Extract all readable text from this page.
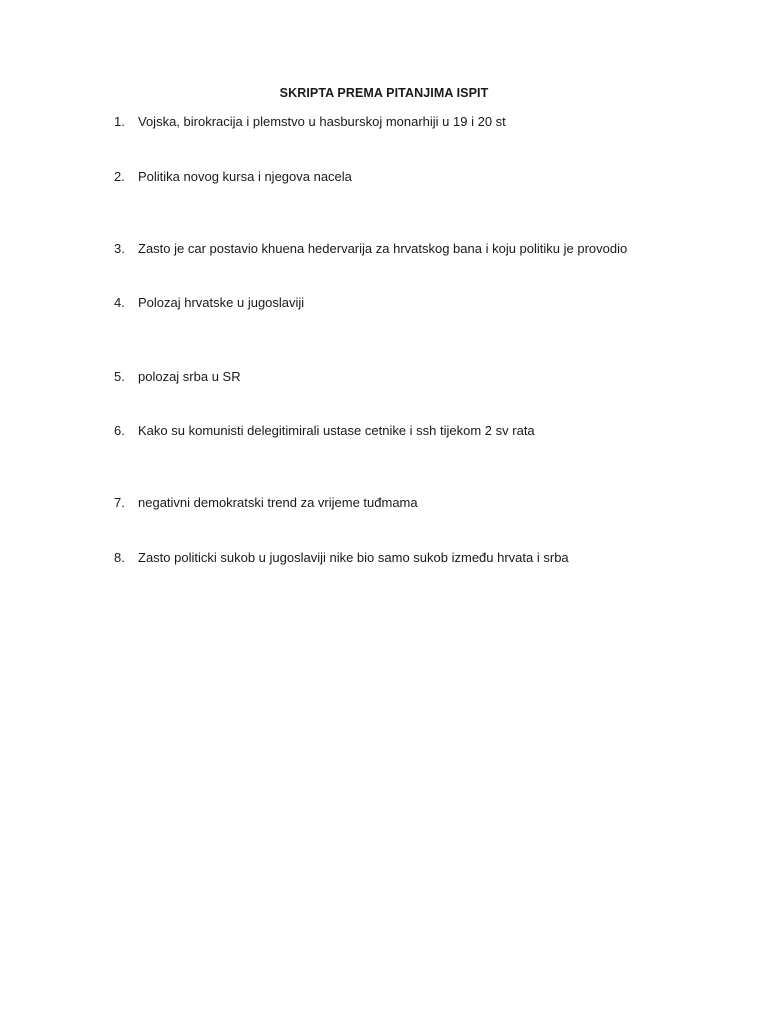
SKRIPTA PREMA PITANJIMA ISPIT
1. Vojska, birokracija i plemstvo u hasburskoj monarhiji u 19 i 20 st
2. Politika novog kursa i njegova nacela
3. Zasto je car postavio khuena hedervarija za hrvatskog bana i koju politiku je provodio
4. Polozaj hrvatske u jugoslaviji
5. polozaj srba u SR
6. Kako su komunisti delegitimirali ustase cetnike i ssh tijekom 2 sv rata
7. negativni demokratski trend za vrijeme tuđmama
8. Zasto politicki sukob u jugoslaviji nike bio samo sukob između hrvata i srba
